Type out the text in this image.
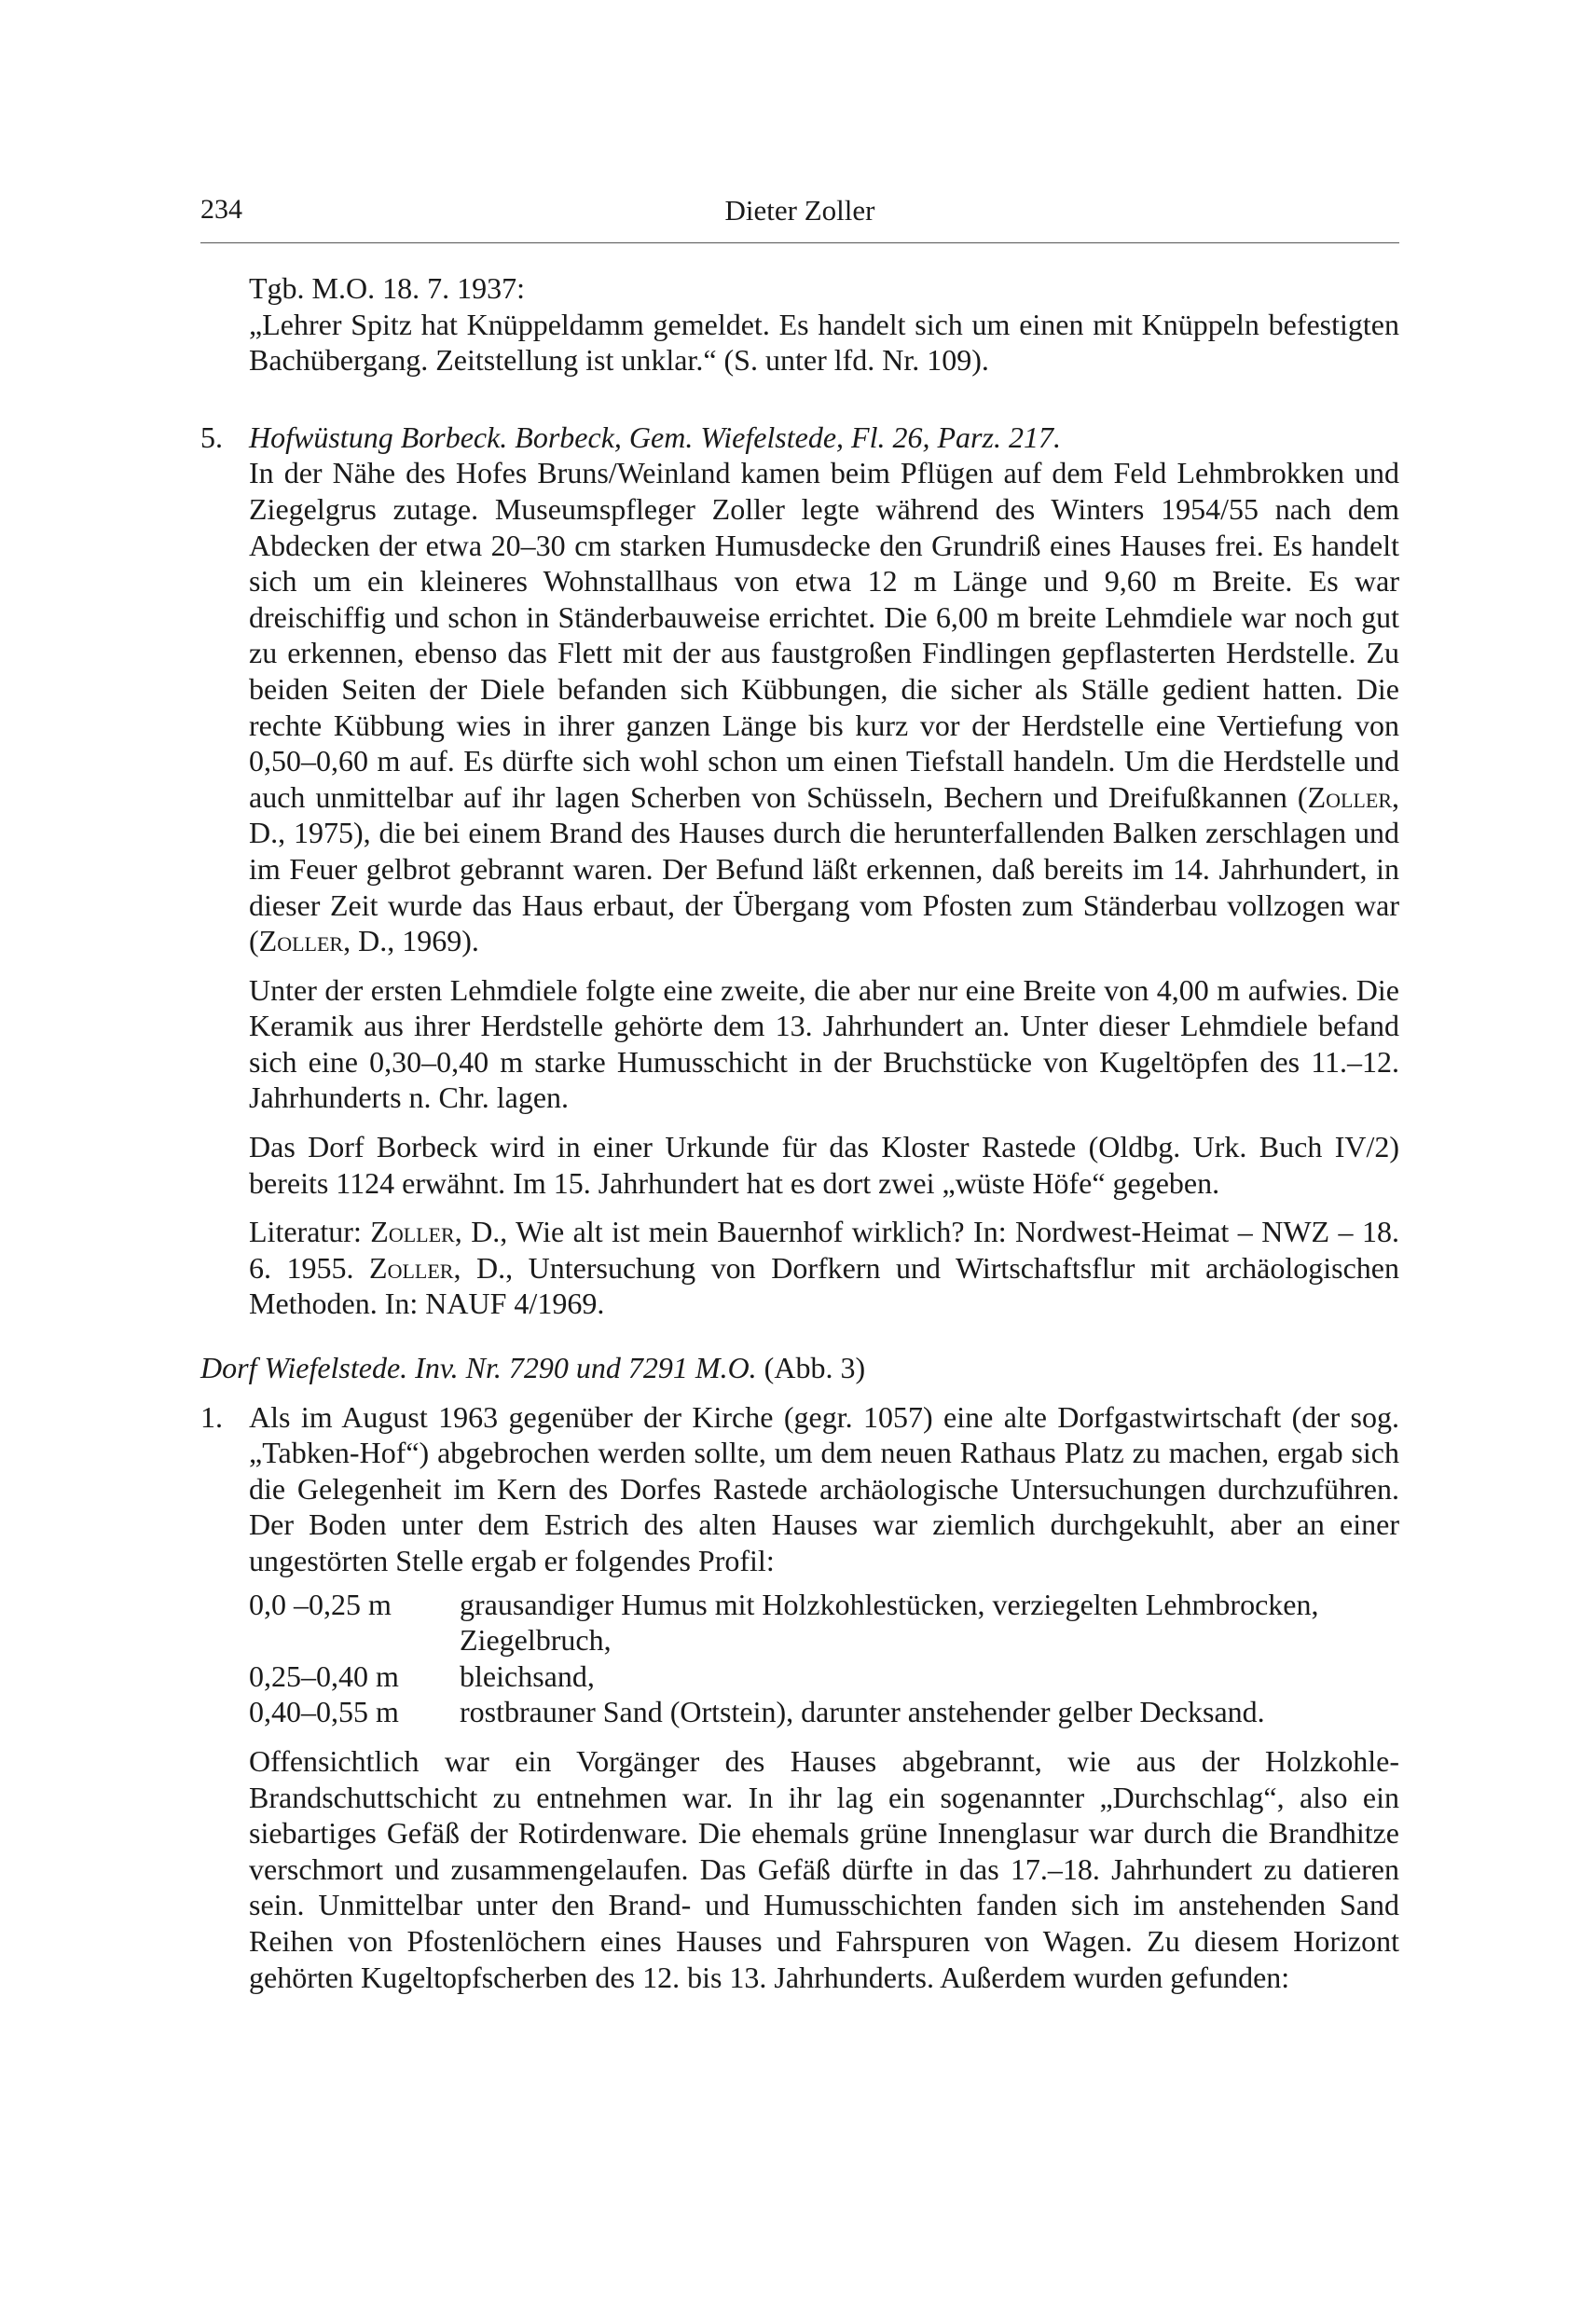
234	Dieter Zoller

Tgb. M.O. 18. 7. 1937:

„Lehrer Spitz hat Knüppeldamm gemeldet. Es handelt sich um einen mit Knüppeln befestigten Bachübergang. Zeitstellung ist unklar.“ (S. unter lfd. Nr. 109).

5. Hofwüstung Borbeck. Borbeck, Gem. Wiefelstede, Fl. 26, Parz. 217.

In der Nähe des Hofes Bruns/Weinland kamen beim Pflügen auf dem Feld Lehmbrokken und Ziegelgrus zutage. Museumspfleger Zoller legte während des Winters 1954/55 nach dem Abdecken der etwa 20–30 cm starken Humusdecke den Grundriß eines Hauses frei. Es handelt sich um ein kleineres Wohnstallhaus von etwa 12 m Länge und 9,60 m Breite. Es war dreischiffig und schon in Ständerbauweise errichtet. Die 6,00 m breite Lehmdiele war noch gut zu erkennen, ebenso das Flett mit der aus faustgroßen Findlingen gepflasterten Herdstelle. Zu beiden Seiten der Diele befanden sich Kübbungen, die sicher als Ställe gedient hatten. Die rechte Kübbung wies in ihrer ganzen Länge bis kurz vor der Herdstelle eine Vertiefung von 0,50–0,60 m auf. Es dürfte sich wohl schon um einen Tiefstall handeln. Um die Herdstelle und auch unmittelbar auf ihr lagen Scherben von Schüsseln, Bechern und Dreifußkannen (Zoller, D., 1975), die bei einem Brand des Hauses durch die herunterfallenden Balken zerschlagen und im Feuer gelbrot gebrannt waren. Der Befund läßt erkennen, daß bereits im 14. Jahrhundert, in dieser Zeit wurde das Haus erbaut, der Übergang vom Pfosten zum Ständerbau vollzogen war (Zoller, D., 1969).

Unter der ersten Lehmdiele folgte eine zweite, die aber nur eine Breite von 4,00 m aufwies. Die Keramik aus ihrer Herdstelle gehörte dem 13. Jahrhundert an. Unter dieser Lehmdiele befand sich eine 0,30–0,40 m starke Humusschicht in der Bruchstücke von Kugeltöpfen des 11.–12. Jahrhunderts n. Chr. lagen.

Das Dorf Borbeck wird in einer Urkunde für das Kloster Rastede (Oldbg. Urk. Buch IV/2) bereits 1124 erwähnt. Im 15. Jahrhundert hat es dort zwei „wüste Höfe“ gegeben.

Literatur: Zoller, D., Wie alt ist mein Bauernhof wirklich? In: Nordwest-Heimat – NWZ – 18. 6. 1955. Zoller, D., Untersuchung von Dorfkern und Wirtschaftsflur mit archäologischen Methoden. In: NAUF 4/1969.

Dorf Wiefelstede. Inv. Nr. 7290 und 7291 M.O. (Abb. 3)

1. Als im August 1963 gegenüber der Kirche (gegr. 1057) eine alte Dorfgastwirtschaft (der sog. „Tabken-Hof“) abgebrochen werden sollte, um dem neuen Rathaus Platz zu machen, ergab sich die Gelegenheit im Kern des Dorfes Rastede archäologische Untersuchungen durchzuführen. Der Boden unter dem Estrich des alten Hauses war ziemlich durchgekuhlt, aber an einer ungestörten Stelle ergab er folgendes Profil:

0,0 –0,25 m	grausandiger Humus mit Holzkohlestücken, verziegelten Lehmbrocken, Ziegelbruch,
0,25–0,40 m	bleichsand,
0,40–0,55 m	rostbrauner Sand (Ortstein), darunter anstehender gelber Decksand.

Offensichtlich war ein Vorgänger des Hauses abgebrannt, wie aus der Holzkohle-Brandschuttschicht zu entnehmen war. In ihr lag ein sogenannter „Durchschlag“, also ein siebartiges Gefäß der Rotirdenware. Die ehemals grüne Innenglasur war durch die Brandhitze verschmort und zusammengelaufen. Das Gefäß dürfte in das 17.–18. Jahrhundert zu datieren sein. Unmittelbar unter den Brand- und Humusschichten fanden sich im anstehenden Sand Reihen von Pfostenlöchern eines Hauses und Fahrspuren von Wagen. Zu diesem Horizont gehörten Kugeltopfscherben des 12. bis 13. Jahrhunderts. Außerdem wurden gefunden:
